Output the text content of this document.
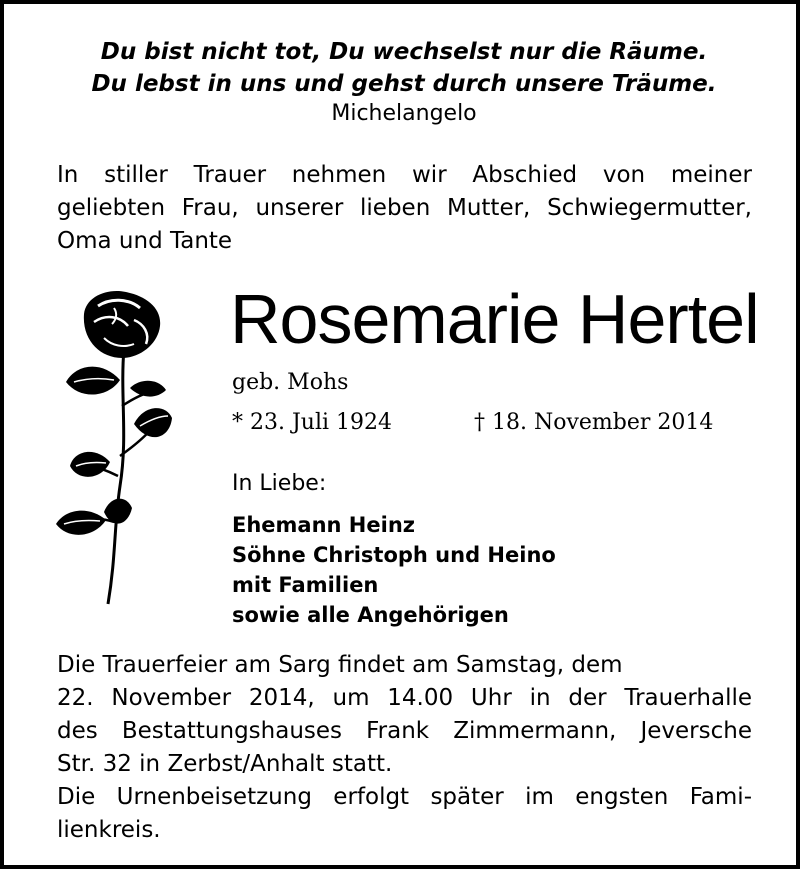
Du bist nicht tot, Du wechselst nur die Räume.
Du lebst in uns und gehst durch unsere Träume.
Michelangelo
In stiller Trauer nehmen wir Abschied von meiner
geliebten Frau, unserer lieben Mutter, Schwiegermutter,
Oma und Tante
Rosemarie Hertel
geb. Mohs
* 23. Juli 1924	† 18. November 2014
In Liebe:
Ehemann Heinz
Söhne Christoph und Heino
mit Familien
sowie alle Angehörigen
Die Trauerfeier am Sarg findet am Samstag, dem
22. November 2014, um 14.00 Uhr in der Trauerhalle
des Bestattungshauses Frank Zimmermann, Jeversche
Str. 32 in Zerbst/Anhalt statt.
Die Urnenbeisetzung erfolgt später im engsten Fami-
lienkreis.
